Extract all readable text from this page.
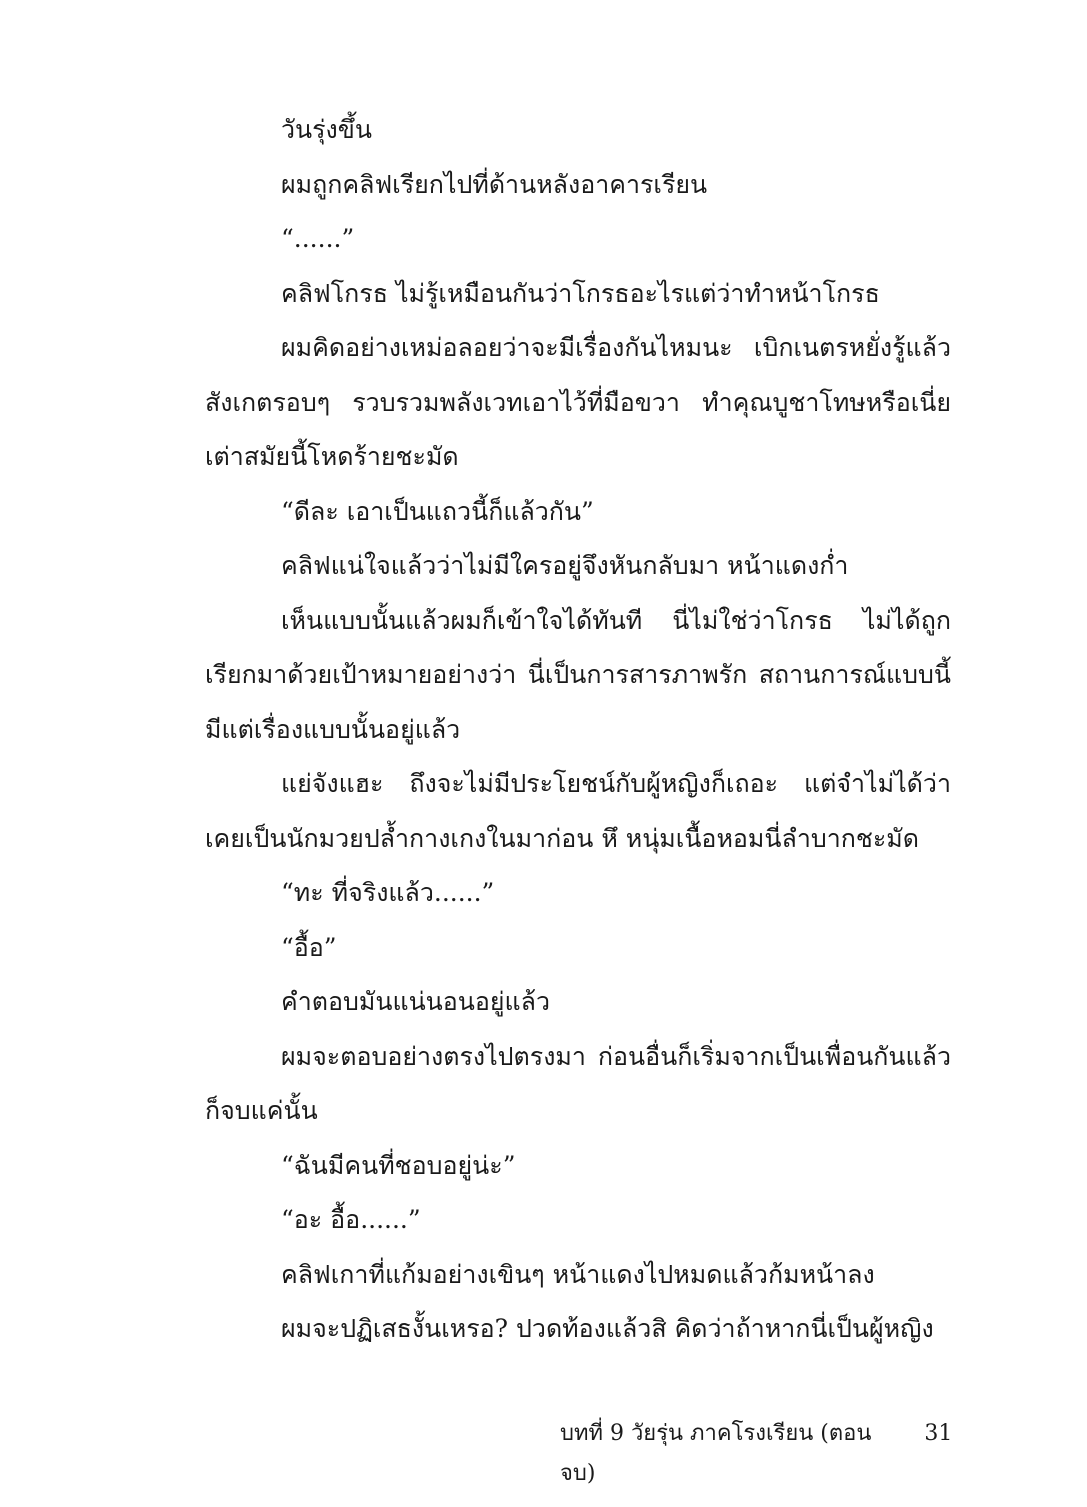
วันรุ่งขึ้น

ผมถูกคลิฟเรียกไปที่ด้านหลังอาคารเรียน

“......”

คลิฟโกรธ ไม่รู้เหมือนกันว่าโกรธอะไรแต่ว่าทำหน้าโกรธ

ผมคิดอย่างเหม่อลอยว่าจะมีเรื่องกันไหมนะ เบิกเนตรหยั่งรู้แล้วสังเกตรอบๆ รวบรวมพลังเวทเอาไว้ที่มือขวา ทำคุณบูชาโทษหรือเนี่ย เต่าสมัยนี้โหดร้ายชะมัด

“ดีละ เอาเป็นแถวนี้ก็แล้วกัน”

คลิฟแน่ใจแล้วว่าไม่มีใครอยู่จึงหันกลับมา หน้าแดงก่ำ

เห็นแบบนั้นแล้วผมก็เข้าใจได้ทันที นี่ไม่ใช่ว่าโกรธ ไม่ได้ถูกเรียกมาด้วยเป้าหมายอย่างว่า นี่เป็นการสารภาพรัก สถานการณ์แบบนี้มีแต่เรื่องแบบนั้นอยู่แล้ว

แย่จังแฮะ ถึงจะไม่มีประโยชน์กับผู้หญิงก็เถอะ แต่จำไม่ได้ว่าเคยเป็นนักมวยปล้ำกางเกงในมาก่อน หึ หนุ่มเนื้อหอมนี่ลำบากชะมัด

“ทะ ที่จริงแล้ว......”

“อื้อ”

คำตอบมันแน่นอนอยู่แล้ว

ผมจะตอบอย่างตรงไปตรงมา ก่อนอื่นก็เริ่มจากเป็นเพื่อนกันแล้วก็จบแค่นั้น

“ฉันมีคนที่ชอบอยู่น่ะ”

“อะ อื้อ......”

คลิฟเกาที่แก้มอย่างเขินๆ หน้าแดงไปหมดแล้วก้มหน้าลง

ผมจะปฏิเสธงั้นเหรอ? ปวดท้องแล้วสิ คิดว่าถ้าหากนี่เป็นผู้หญิง

บทที่ 9 วัยรุ่น ภาคโรงเรียน (ตอนจบ)
31
